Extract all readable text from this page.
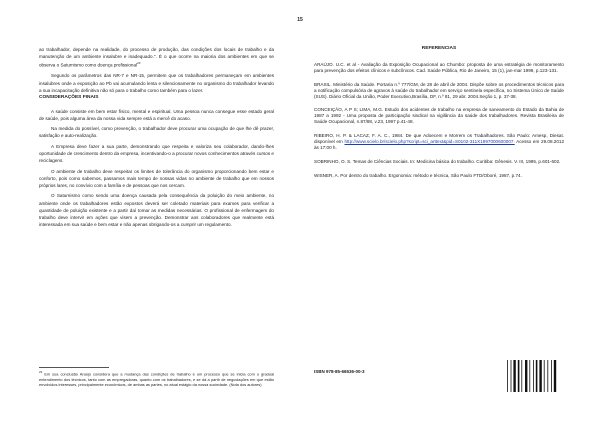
15

ao trabalhador, depende na realidade, do processo de produção, das condições dos locais de trabalho e da manutenção de um ambiente insalubre e inadequado.". É o que ocorre na maioria dos ambientes em que se observa o Saturnismo como doença profissional$^{23}$

Segundo os parâmetros das NR-7 e NR-15, permitem que os trabalhadores permaneçam em ambientes insalubres onde a exposição ao Pb vai acumulando lenta e silenciosamente no organismo do trabalhador levando a sua incapacitação definitiva não só para o trabalho como também para o lazer.

CONSIDERAÇÕES FINAIS

A saúde consiste em bem estar físico, mental e espiritual. Uma pessoa nunca consegue esse estado geral de saúde, pois alguma área da nossa vida sempre está a mercê do acaso.

Na medida do possível, como prevenção, o trabalhador deve procurar uma ocupação de que lhe dê prazer, satisfação e auto-realização.

A Empresa deve fazer a sua parte, demonstrando que respeita e valoriza seu colaborador, dando-lhes oportunidade de crescimento dentro da empresa, incentivando-o a procurar novos conhecimentos através cursos e reciclagens.

O ambiente de trabalho deve respeitar os limites de tolerância do organismo proporcionando bem estar e conforto, pois como sabemos, passamos mais tempo de nossas vidas no ambiente de trabalho que em nossos próprios lares, no convívio com a família e de pessoas que nos cercam.

O Saturnismo como sendo uma doença causada pela consequência da poluição do meio ambiente, no ambiente onde os trabalhadores estão expostos deverá ser coletado materiais para exames para verificar a quantidade de poluição existente e a partir daí tomar as medidas necessárias. O profissional de enfermagem do trabalho deve intervir em ações que visem a prevenção. Demonstrar aos colaboradores que realmente está interessada em sua saúde e bem estar e não apenas obrigando-os a cumprir um regulamento.

$^{23}$ Em sua conclusão Araújo considera que a mudança das condições de trabalho é um processo que se inicia com o gradual entendimento dos técnicos, tanto com as empregadoras, quanto com os trabalhadores, e se dá a partir de negociações em que estão envolvidos interesses, principalmente econômicos, de ambas as partes, no atual estágio da nossa sociedade. (Nota dos autores)

REFERENCIAS

ARAÚJO. U.C. et al - Avaliação da Exposição Ocupacional ao Chumbo: proposta de uma estratégia de monitoramento para prevenção dos efeitos clínicos e subclínicos. Cad. Saúde Pública, Rio de Janeiro, 15 (1), jan-mar 1999, p.123-131.

BRASIL. Ministério da Saúde. Portaria n.º 777/GM, de 28 de abril de 2004. Dispõe sobre os procedimentos técnicos para a notificação compulsória de agravos à saúde do trabalhador em serviço sentinela específica, no Sistema Único de Saúde (SUS). Diário Oficial da União, Poder Executivo,Brasília, DF, n.º 81, 29 abr. 2004.Seção 1, p. 37-38.

CONCEIÇÃO, A P S; LIMA, M.G. Estudo dos acidentes de trabalho na empresa de saneamento do Estado da Bahia de 1987 a 1992 - Uma proposta de participação sindical na vigilância da saúde dos trabalhadores. Revista Brasileira de Saúde Ocupacional, n.87/88, v.23, 1997 p.41-48.

RIBEIRO, H. P. & LACAZ, F. A. C., 1984. De que Adoecem e Morrem os Trabalhadores. São Paulo: Amesp, Diesat. disponível em http://www.scielo.br/scielo.php?script=sci_arttext&pid=S0102-311X1997000600007. Acesso em 29.08.2012 às 17:00 h.

SOBRINHO, O. S. Temas de Ciências Sociais. In: Medicina básica do trabalho. Curitiba: Gênesis. V. III, 1995, p.601-602.

WISNER, A. Por dentro do trabalho. Ergonomia: método e técnica, São Paulo FTD/Oboré, 1987, p.74.

ISBN 978-85-66536-00-3
